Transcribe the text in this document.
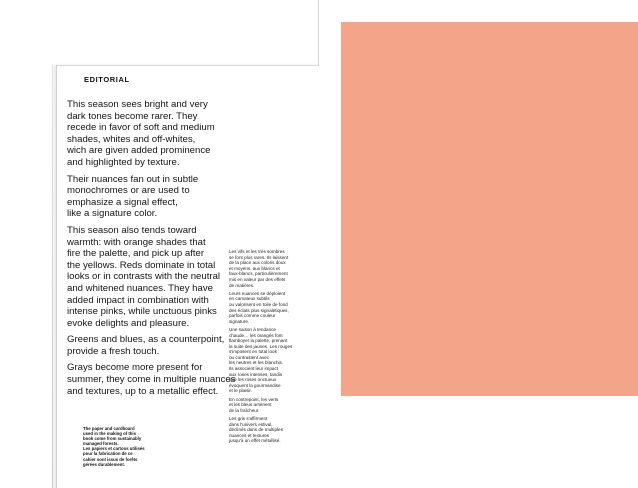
EDITORIAL

This season sees bright and very
dark tones become rarer. They
recede in favor of soft and medium
shades, whites and off-whites,
wich are given added prominence
and highlighted by texture.

Their nuances fan out in subtle
monochromes or are used to
emphasize a signal effect,
like a signature color.

This season also tends toward
warmth: with orange shades that
fire the palette, and pick up after
the yellows. Reds dominate in total
looks or in contrasts with the neutral
and whitened nuances. They have
added impact in combination with
intense pinks, while unctuous pinks
evoke delights and pleasure.

Greens and blues, as a counterpoint,
provide a fresh touch.

Grays become more present for
summer, they come in multiple nuances
and textures, up to a metallic effect.

Les vifs et les très sombres
se font plus rares. Ils laissent
de la place aux coloris doux
et moyens, aux blancs et
faux-blancs, particulièrement
mis en valeur par des effets
de matières.

Leurs nuances se déploient
en camaïeux subtils
ou valorisent en toile de fond
des éclats plus signalétiques,
parfois comme couleur
signature.

Une saison à tendance
chaude… les orangés font
flamboyer la palette, prenant
la suite des jaunes. Les rouges
s'imposent en total look
ou contrastent avec
les neutres et les blanchis.
Ils associent leur impact
aux roses intenses, tandis
que les roses onctueux
évoquent la gourmandise
et le plaisir.

En contrepoint, les verts
et les bleus amènent
de la fraîcheur.

Les gris s'affirment
dans l'univers estival,
déclinés dans de multiples
nuances et textures
jusqu'à un effet métallisé.

The paper and cardboard
used in the making of this
book come from sustainably
managed forests.
Les papiers et cartons utilisés
pour la fabrication de ce
cahier sont issus de forêts
gérées durablement.
